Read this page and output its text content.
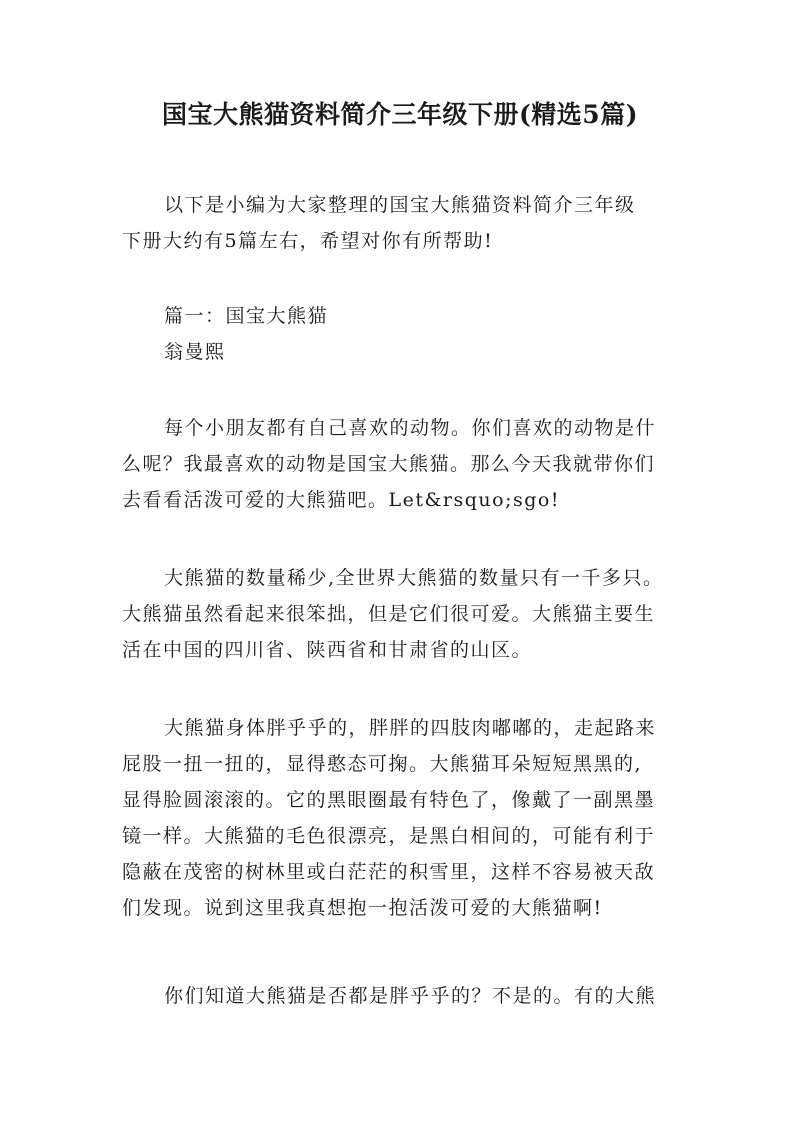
国宝大熊猫资料简介三年级下册(精选5篇)
以下是小编为大家整理的国宝大熊猫资料简介三年级
下册大约有5篇左右，希望对你有所帮助!
篇一：国宝大熊猫
翁曼熙
每个小朋友都有自己喜欢的动物。你们喜欢的动物是什
么呢？我最喜欢的动物是国宝大熊猫。那么今天我就带你们
去看看活泼可爱的大熊猫吧。Let&rsquo;sgo!
大熊猫的数量稀少,全世界大熊猫的数量只有一千多只。
大熊猫虽然看起来很笨拙，但是它们很可爱。大熊猫主要生
活在中国的四川省、陕西省和甘肃省的山区。
大熊猫身体胖乎乎的，胖胖的四肢肉嘟嘟的，走起路来
屁股一扭一扭的，显得憨态可掬。大熊猫耳朵短短黑黑的,
显得脸圆滚滚的。它的黑眼圈最有特色了，像戴了一副黑墨
镜一样。大熊猫的毛色很漂亮，是黑白相间的，可能有利于
隐蔽在茂密的树林里或白茫茫的积雪里，这样不容易被天敌
们发现。说到这里我真想抱一抱活泼可爱的大熊猫啊!
你们知道大熊猫是否都是胖乎乎的？不是的。有的大熊
